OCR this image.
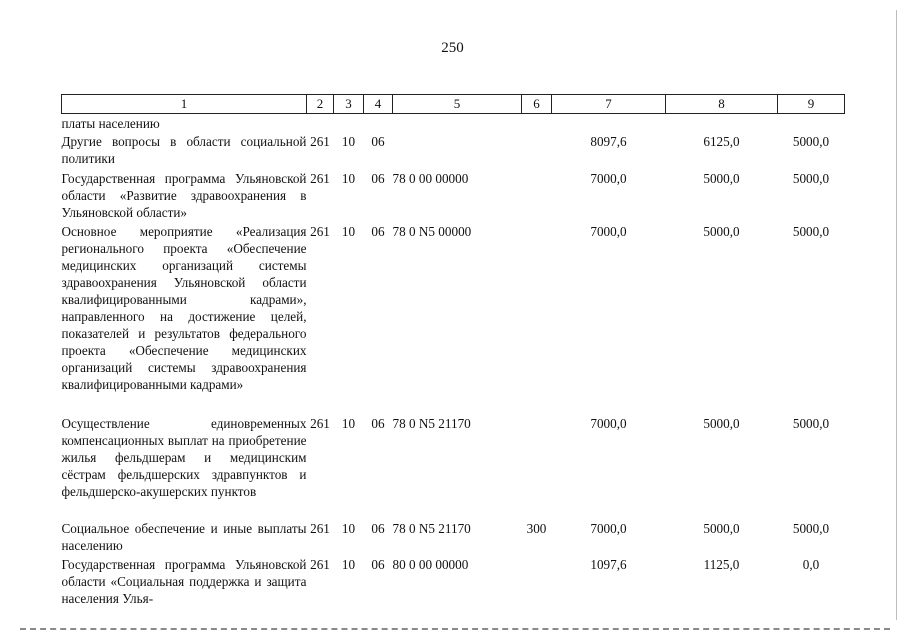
250
1	2	3	4	5	6	7	8	9
платы населению								
Другие вопросы в области социальной политики	261	10	06			8097,6	6125,0	5000,0
Государственная программа Ульяновской области «Развитие здравоохранения в Ульяновской области»	261	10	06	78 0 00 00000		7000,0	5000,0	5000,0
Основное мероприятие «Реализация регионального проекта «Обеспечение медицинских организаций системы здравоохранения Ульяновской области квалифицированными кадрами», направленного на достижение целей, показателей и результатов федерального проекта «Обеспечение медицинских организаций системы здравоохранения квалифицированными кадрами»	261	10	06	78 0 N5 00000		7000,0	5000,0	5000,0
Осуществление единовременных компенсационных выплат на приобретение жилья фельдшерам и медицинским сёстрам фельдшерских здравпунктов и фельдшерско-акушерских пунктов	261	10	06	78 0 N5 21170		7000,0	5000,0	5000,0
Социальное обеспечение и иные выплаты населению	261	10	06	78 0 N5 21170	300	7000,0	5000,0	5000,0
Государственная программа Ульяновской области «Социальная поддержка и защита населения Улья-	261	10	06	80 0 00 00000		1097,6	1125,0	0,0
